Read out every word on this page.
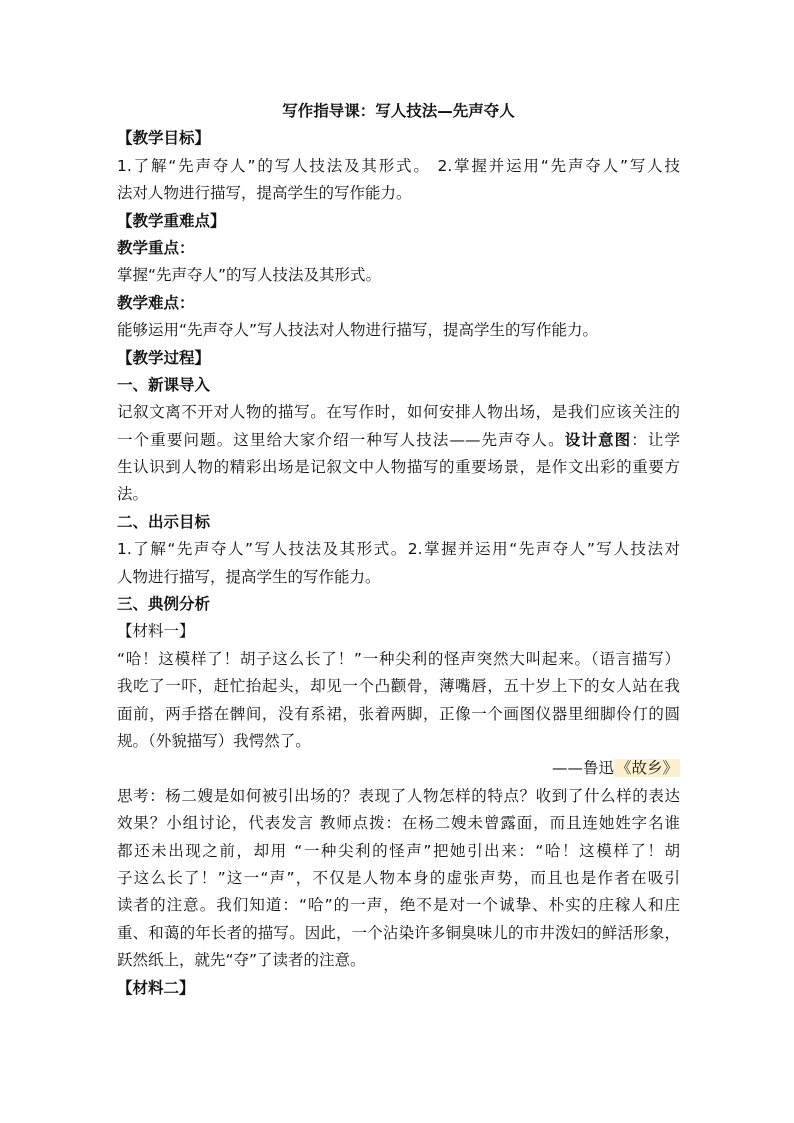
写作指导课：写人技法—先声夺人
【教学目标】
1.了解“先声夺人”的写人技法及其形式。 2.掌握并运用“先声夺人”写人技
法对人物进行描写，提高学生的写作能力。
【教学重难点】
教学重点：
掌握“先声夺人”的写人技法及其形式。
教学难点：
能够运用“先声夺人”写人技法对人物进行描写，提高学生的写作能力。
【教学过程】
一、新课导入
记叙文离不开对人物的描写。在写作时，如何安排人物出场，是我们应该关注的
一个重要问题。这里给大家介绍一种写人技法——先声夺人。设计意图：让学
生认识到人物的精彩出场是记叙文中人物描写的重要场景，是作文出彩的重要方
法。
二、出示目标
1.了解“先声夺人”写人技法及其形式。2.掌握并运用“先声夺人”写人技法对
人物进行描写，提高学生的写作能力。
三、典例分析
【材料一】
“哈！这模样了！胡子这么长了！”一种尖利的怪声突然大叫起来。（语言描写）
我吃了一吓，赶忙抬起头，却见一个凸颧骨，薄嘴唇，五十岁上下的女人站在我
面前，两手搭在髀间，没有系裙，张着两脚，正像一个画图仪器里细脚伶仃的圆
规。（外貌描写）我愕然了。
——鲁迅 《故乡》
思考：杨二嫂是如何被引出场的？表现了人物怎样的特点？收到了什么样的表达
效果？小组讨论，代表发言 教师点拨：在杨二嫂未曾露面，而且连她姓字名谁
都还未出现之前，却用 “一种尖利的怪声”把她引出来：“哈！这模样了！胡
子这么长了！”这一“声”，不仅是人物本身的虚张声势，而且也是作者在吸引
读者的注意。我们知道：“哈”的一声，绝不是对一个诚挚、朴实的庄稼人和庄
重、和蔼的年长者的描写。因此，一个沾染许多铜臭味儿的市井泼妇的鲜活形象，
跃然纸上，就先“夺”了读者的注意。
【材料二】
